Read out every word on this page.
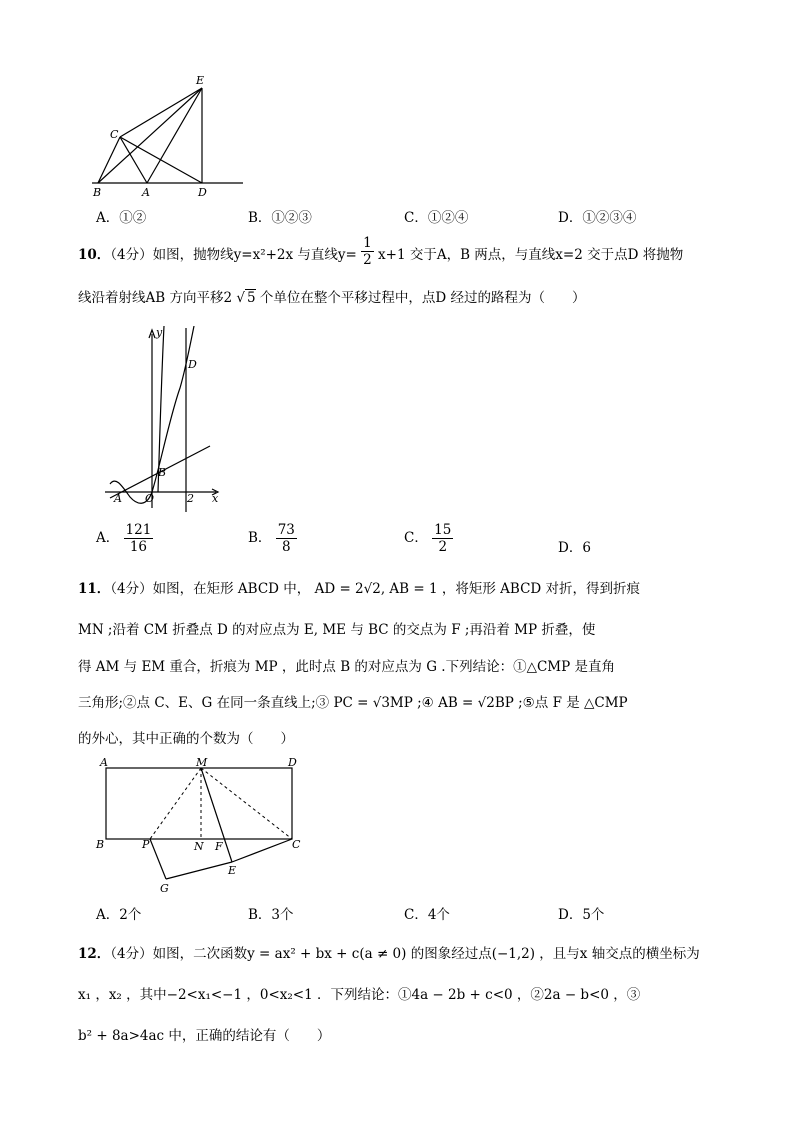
E
C
B	A	D
A．①②	B．①②③	C．①②④	D．①②③④
10．（4分）如图，抛物线y=x²+2x 与直线$y= \frac{1}{2} x+1$ 交于A，B 两点，与直线x=2 交于点D 将抛物
线沿着射线AB 方向平移2 √ 5 个单位在整个平移过程中，点D 经过的路程为（　　）
y
D
B
A O	2 x
A． $\frac{121}{16}$	B． $\frac{73}{8}$	C． $\frac{15}{2}$	D．6
11．（4分）如图，在矩形 ABCD 中， AD = 2√2, AB = 1 ，将矩形 ABCD 对折，得到折痕
MN ;沿着 CM 折叠点 D 的对应点为 E, ME 与 BC 的交点为 F ;再沿着 MP 折叠，使
得 AM 与 EM 重合，折痕为 MP ，此时点 B 的对应点为 G .下列结论：①△CMP 是直角
三角形;②点 C、E、G 在同一条直线上;③ PC = √3MP ;④ AB = √2BP ;⑤点 F 是 △CMP
的外心，其中正确的个数为（　　）
A	M	D
B	P	N F	C
E
G
A．2个	B．3个	C．4个	D．5个
12．（4分）如图，二次函数y = ax² + bx + c(a ≠ 0) 的图象经过点(−1,2) ，且与x 轴交点的横坐标为
x₁ ，x₂ ，其中−2<x₁<−1 ，0<x₂<1 ．下列结论：①4a − 2b + c<0 ，②2a − b<0 ，③
b² + 8a>4ac 中，正确的结论有（　　）
